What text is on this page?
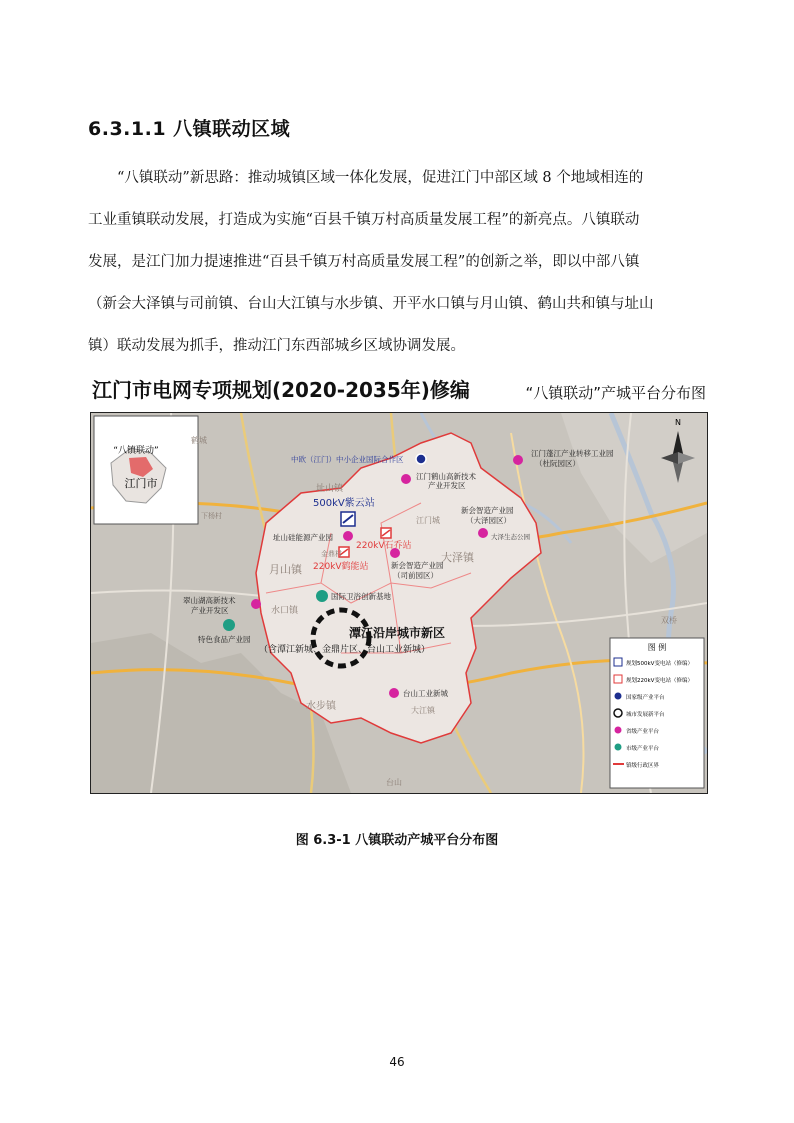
6.3.1.1 八镇联动区域
“八镇联动”新思路：推动城镇区域一体化发展，促进江门中部区域 8 个地域相连的
工业重镇联动发展，打造成为实施“百县千镇万村高质量发展工程”的新亮点。八镇联动
发展，是江门加力提速推进“百县千镇万村高质量发展工程”的创新之举，即以中部八镇
（新会大泽镇与司前镇、台山大江镇与水步镇、开平水口镇与月山镇、鹤山共和镇与址山
镇）联动发展为抓手，推动江门东西部城乡区域协调发展。
江门市电网专项规划(2020-2035年)修编	“八镇联动”产城平台分布图
“八镇联动”
江门市
N
中欧（江门）中小企业国际合作区
江门鹤山高新技术
产业开发区
江门蓬江产业转移工业园
（杜阮园区）
新会智造产业园
（大泽园区）
大泽生态公园
址山硅能源产业园
新会智造产业园
（司前园区）
翠山湖高新技术
产业开发区
国际卫浴创新基地
特色食品产业园
台山工业新城
500kV紫云站
220kV石乔站
220kV鹤能站
潭江沿岸城市新区
（含潭江新城、金鼎片区、台山工业新城）
址山镇
月山镇
大泽镇
水口镇
水步镇
江门城
台山
金鼎村
下杨村
大江镇
鹤城
双桥
图 例
规划500kV变电站（修编）
规划220kV变电站（修编）
国家级产业平台
城市发展新平台
省级产业平台
市级产业平台
镇级行政区界
图 6.3-1 八镇联动产城平台分布图
46
